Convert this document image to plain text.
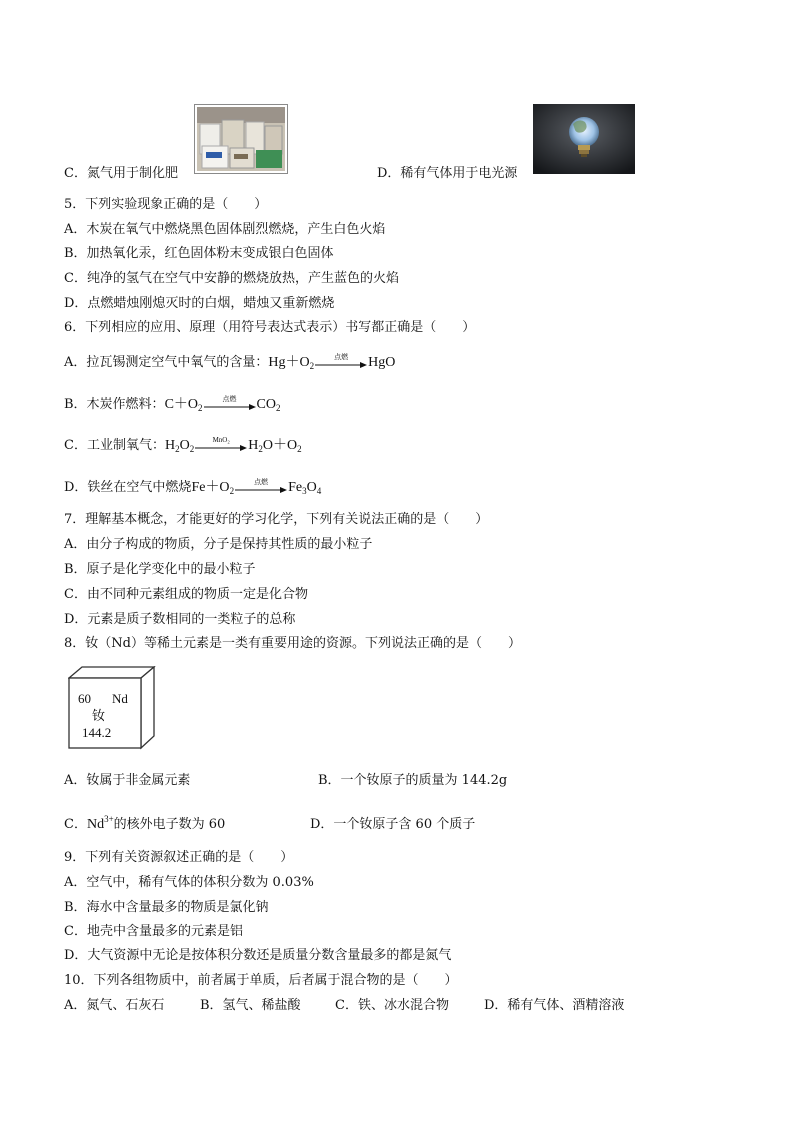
C．氮气用于制化肥	D．稀有气体用于电光源
5．下列实验现象正确的是（　　）
A．木炭在氧气中燃烧黑色固体剧烈燃烧，产生白色火焰
B．加热氧化汞，红色固体粉末变成银白色固体
C．纯净的氢气在空气中安静的燃烧放热，产生蓝色的火焰
D．点燃蜡烛刚熄灭时的白烟，蜡烛又重新燃烧
6．下列相应的应用、原理（用符号表达式表示）书写都正确是（　　）
A．拉瓦锡测定空气中氧气的含量：$Hg+O_2$
点燃	HgO
B．木炭作燃料：$C+O_2$
点燃	$CO_2$
C．工业制氧气：$H_2O_2$
MnO₂	$H_2O+O_2$
D．铁丝在空气中燃烧$Fe+O_2$
点燃	$Fe_3O_4$
7．理解基本概念，才能更好的学习化学，下列有关说法正确的是（　　）
A．由分子构成的物质，分子是保持其性质的最小粒子
B．原子是化学变化中的最小粒子
C．由不同种元素组成的物质一定是化合物
D．元素是质子数相同的一类粒子的总称
8．钕（Nd）等稀土元素是一类有重要用途的资源。下列说法正确的是（　　）
60 Nd
钕
144.2
A．钕属于非金属元素	B．一个钕原子的质量为 144.2g
C．$Nd^{3+}$的核外电子数为 60	D．一个钕原子含 60 个质子
9．下列有关资源叙述正确的是（　　）
A．空气中，稀有气体的体积分数为 0.03%
B．海水中含量最多的物质是氯化钠
C．地壳中含量最多的元素是铝
D．大气资源中无论是按体积分数还是质量分数含量最多的都是氮气
10．下列各组物质中，前者属于单质，后者属于混合物的是（　　）
A．氮气、石灰石	B．氢气、稀盐酸	C．铁、冰水混合物	D．稀有气体、酒精溶液
